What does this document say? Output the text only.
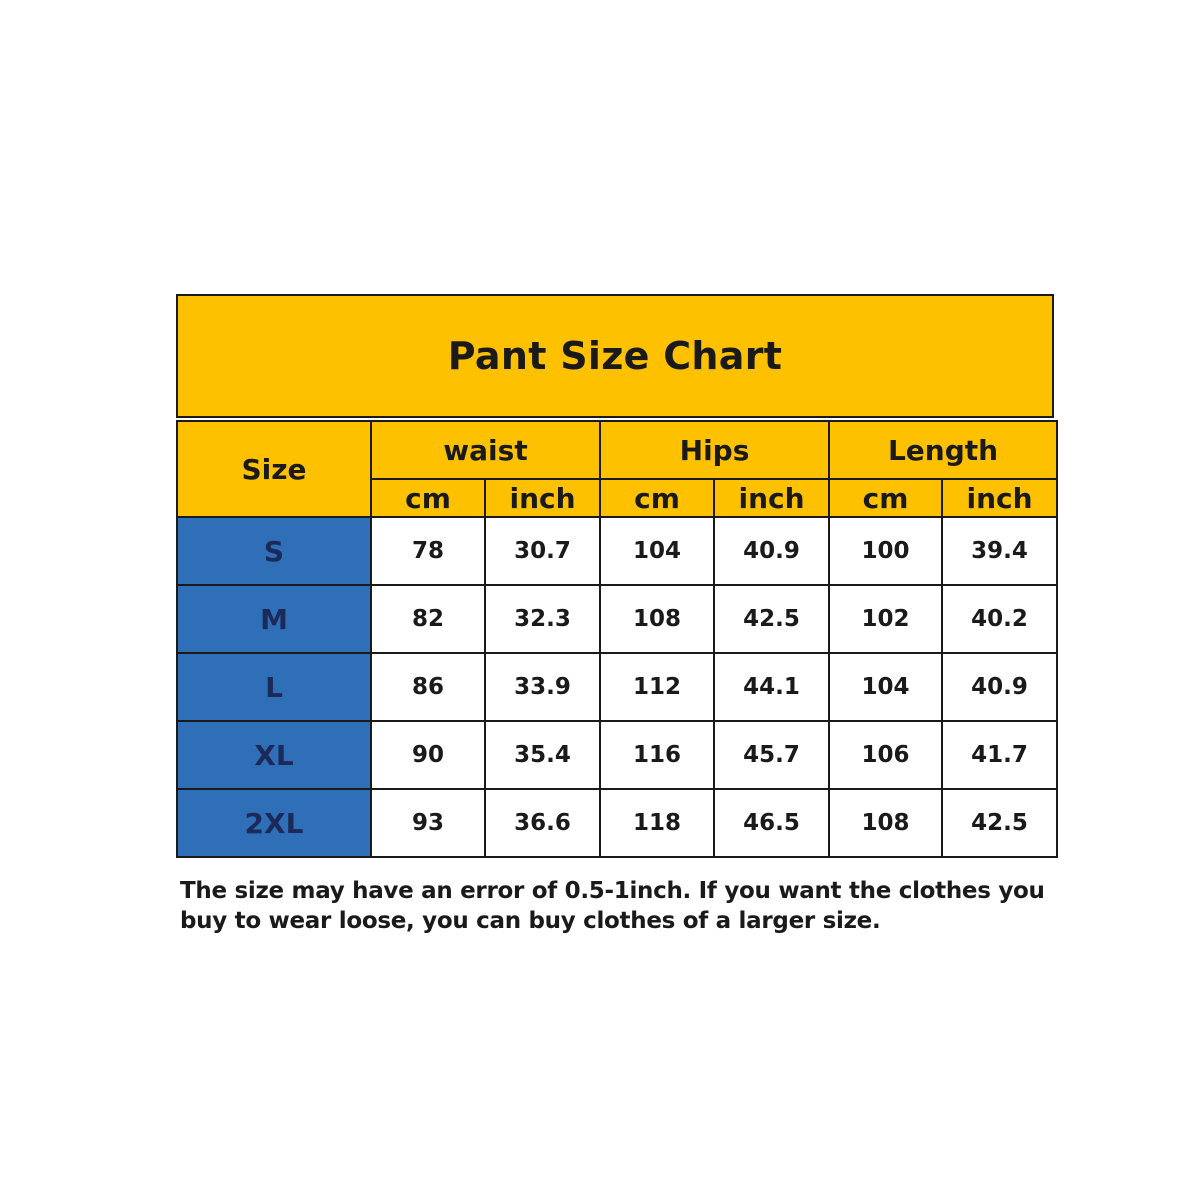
Pant Size Chart
Size	waist		Hips		Length	
	cm	inch	cm	inch	cm	inch
S	78	30.7	104	40.9	100	39.4
M	82	32.3	108	42.5	102	40.2
L	86	33.9	112	44.1	104	40.9
XL	90	35.4	116	45.7	106	41.7
2XL	93	36.6	118	46.5	108	42.5
The size may have an error of 0.5-1inch. If you want the clothes you buy to wear loose, you can buy clothes of a larger size.
